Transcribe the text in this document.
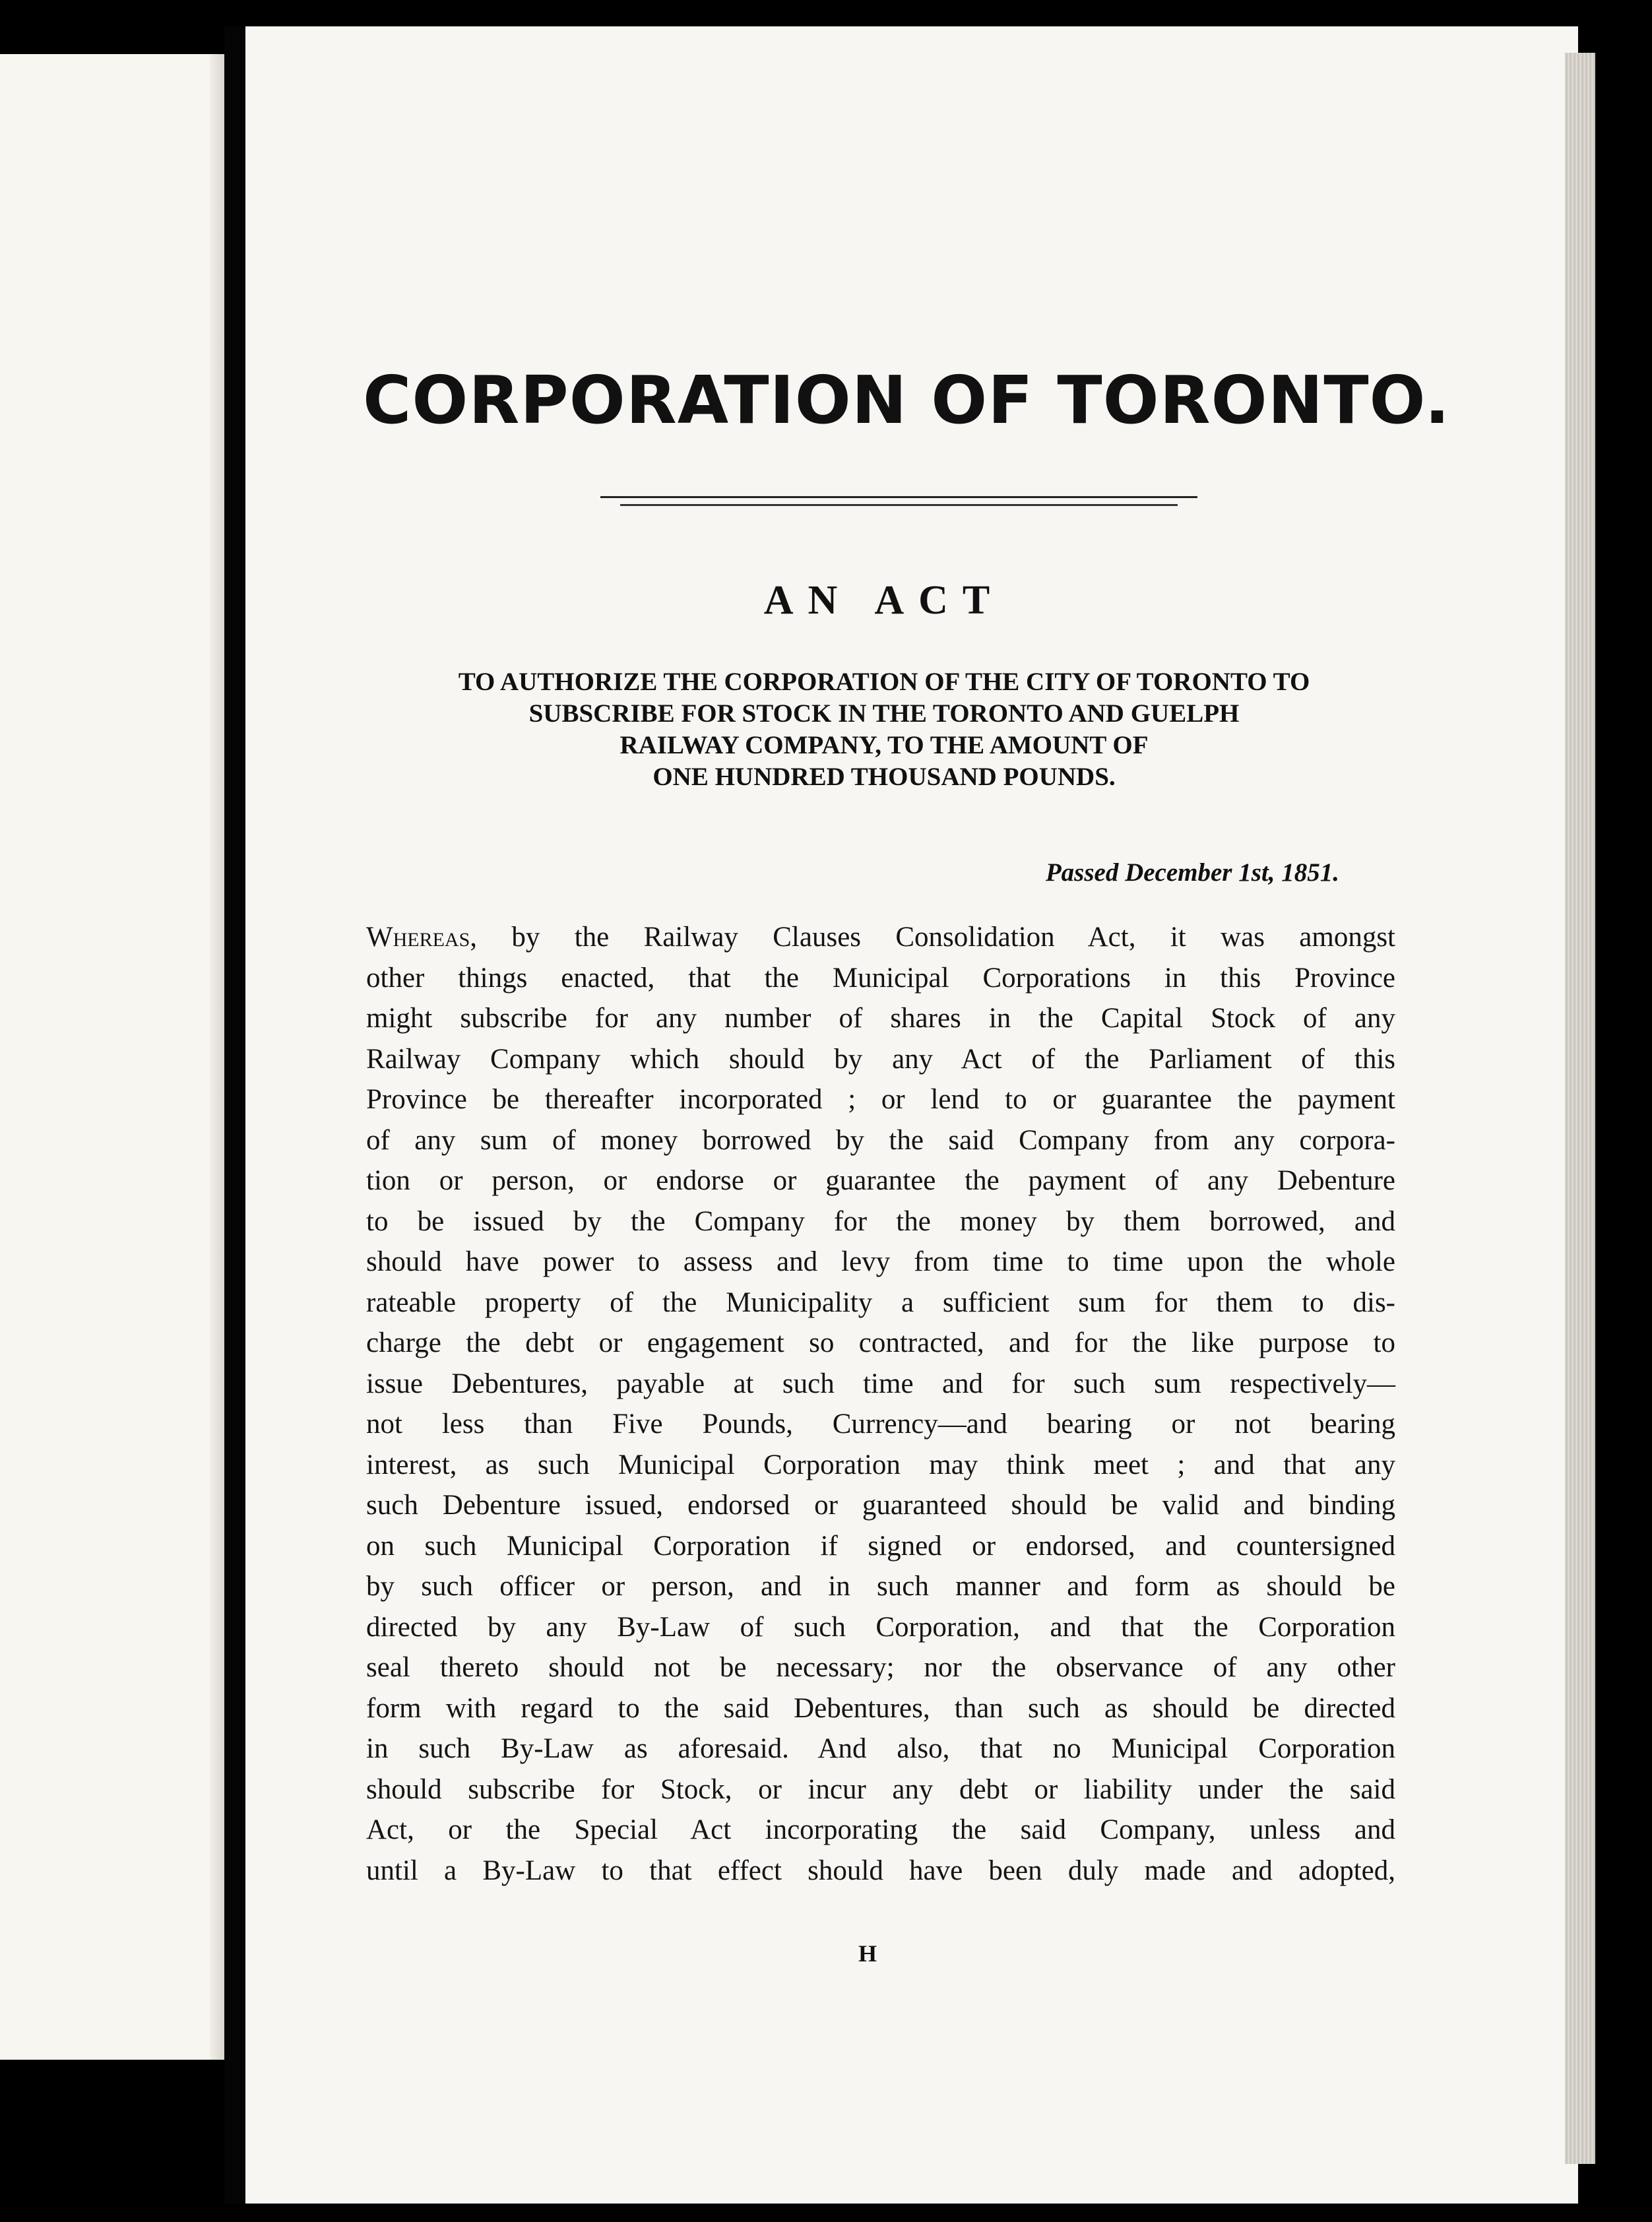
CORPORATION OF TORONTO.
AN ACT
TO AUTHORIZE THE CORPORATION OF THE CITY OF TORONTO TO
SUBSCRIBE FOR STOCK IN THE TORONTO AND GUELPH
RAILWAY COMPANY, TO THE AMOUNT OF
ONE HUNDRED THOUSAND POUNDS.
Passed December 1st, 1851.
Whereas, by the Railway Clauses Consolidation Act, it was amongst
other things enacted, that the Municipal Corporations in this Province
might subscribe for any number of shares in the Capital Stock of any
Railway Company which should by any Act of the Parliament of this
Province be thereafter incorporated ; or lend to or guarantee the payment
of any sum of money borrowed by the said Company from any corpora-
tion or person, or endorse or guarantee the payment of any Debenture
to be issued by the Company for the money by them borrowed, and
should have power to assess and levy from time to time upon the whole
rateable property of the Municipality a sufficient sum for them to dis-
charge the debt or engagement so contracted, and for the like purpose to
issue Debentures, payable at such time and for such sum respectively—
not less than Five Pounds, Currency—and bearing or not bearing
interest, as such Municipal Corporation may think meet ; and that any
such Debenture issued, endorsed or guaranteed should be valid and binding
on such Municipal Corporation if signed or endorsed, and countersigned
by such officer or person, and in such manner and form as should be
directed by any By-Law of such Corporation, and that the Corporation
seal thereto should not be necessary; nor the observance of any other
form with regard to the said Debentures, than such as should be directed
in such By-Law as aforesaid. And also, that no Municipal Corporation
should subscribe for Stock, or incur any debt or liability under the said
Act, or the Special Act incorporating the said Company, unless and
until a By-Law to that effect should have been duly made and adopted,
H
